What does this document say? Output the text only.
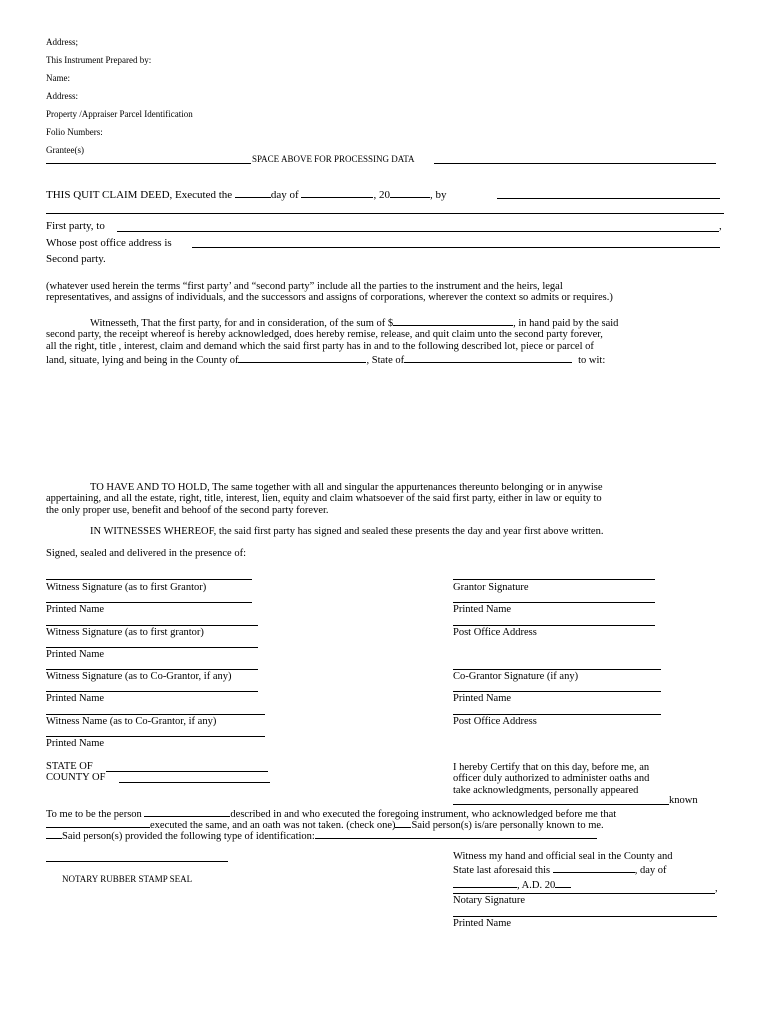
Address;
This Instrument Prepared by:
Name:
Address:
Property /Appraiser Parcel Identification
Folio Numbers:
Grantee(s)
SPACE ABOVE FOR PROCESSING DATA
THIS QUIT CLAIM DEED, Executed the	day of	, 20	, by
First party, to	,
Whose post office address is
Second party.
(whatever used herein the terms “first party’ and “second party” include all the parties to the instrument and the heirs, legal
representatives, and assigns of individuals, and the successors and assigns of corporations, wherever the context so admits or requires.)
Witnesseth, That the first party, for and in consideration, of the sum of $	, in hand paid by the said
second party, the receipt whereof is hereby acknowledged, does hereby remise, release, and quit claim unto the second party forever,
all the right, title , interest, claim and demand which the said first party has in and to the following described lot, piece or parcel of
land, situate, lying and being in the County of	, State of	to wit:
TO HAVE AND TO HOLD, The same together with all and singular the appurtenances thereunto belonging or in anywise
appertaining, and all the estate, right, title, interest, lien, equity and claim whatsoever of the said first party, either in law or equity to
the only proper use, benefit and behoof of the second party forever.
IN WITNESSES WHEREOF, the said first party has signed and sealed these presents the day and year first above written.
Signed, sealed and delivered in the presence of:
Witness Signature (as to first Grantor)
Printed Name
Witness Signature (as to first grantor)
Printed Name
Witness Signature (as to Co-Grantor, if any)
Printed Name
Witness Name (as to Co-Grantor, if any)
Printed Name
Grantor Signature
Printed Name
Post Office Address
Co-Grantor Signature (if any)
Printed Name
Post Office Address
STATE OF
COUNTY OF
I hereby Certify that on this day, before me, an
officer duly authorized to administer oaths and
take acknowledgments, personally appeared
known
To me to be the person	described in and who executed the foregoing instrument, who acknowledged before me that
executed the same, and an oath was not taken. (check one) Said person(s) is/are personally known to me.
Said person(s) provided the following type of identification:
NOTARY RUBBER STAMP SEAL
Witness my hand and official seal in the County and
State last aforesaid this	, day of
, A.D. 20	,
Notary Signature
Printed Name
